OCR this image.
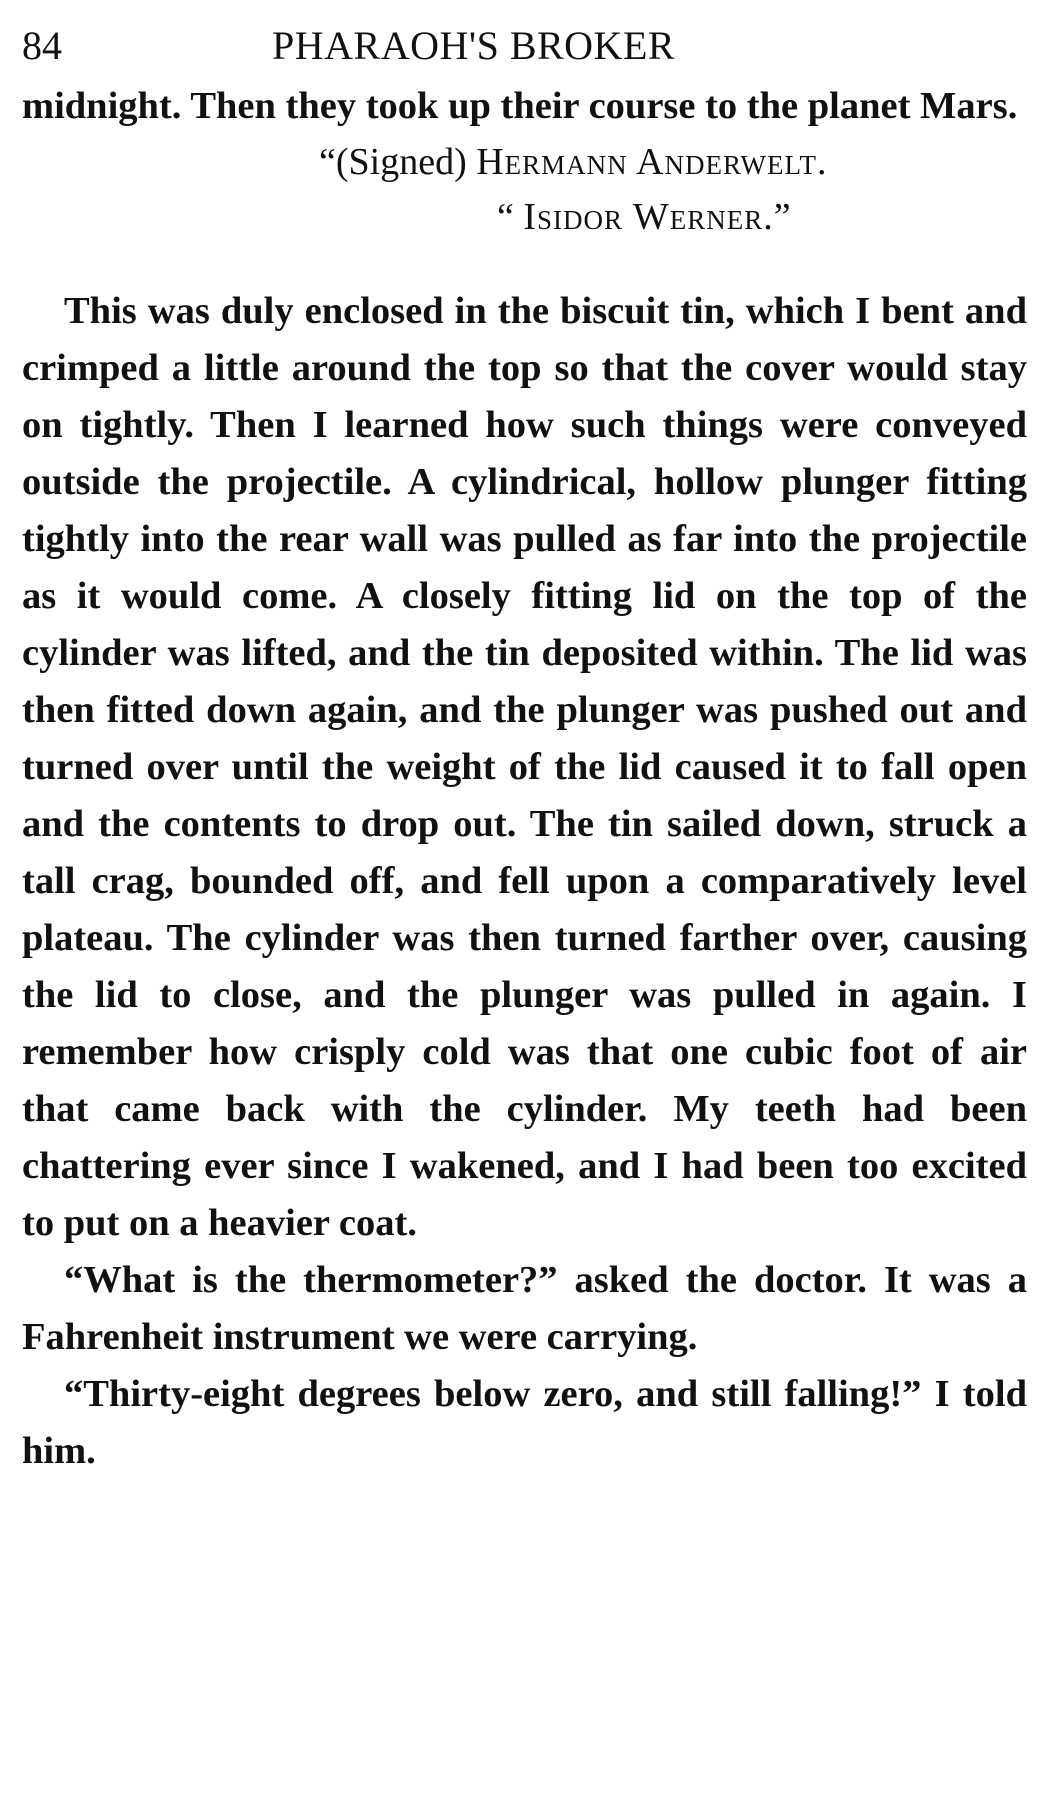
84	PHARAOH'S BROKER

midnight. Then they took up their course to the planet Mars.

“(Signed) Hermann Anderwelt.
“ Isidor Werner.”

This was duly enclosed in the biscuit tin, which I bent and crimped a little around the top so that the cover would stay on tightly. Then I learned how such things were conveyed outside the projectile. A cylindrical, hollow plunger fitting tightly into the rear wall was pulled as far into the projectile as it would come. A closely fitting lid on the top of the cylinder was lifted, and the tin deposited within. The lid was then fitted down again, and the plunger was pushed out and turned over until the weight of the lid caused it to fall open and the contents to drop out. The tin sailed down, struck a tall crag, bounded off, and fell upon a comparatively level plateau. The cylinder was then turned farther over, causing the lid to close, and the plunger was pulled in again. I remember how crisply cold was that one cubic foot of air that came back with the cylinder. My teeth had been chattering ever since I wakened, and I had been too excited to put on a heavier coat.

“What is the thermometer?” asked the doctor. It was a Fahrenheit instrument we were carrying.

“Thirty-eight degrees below zero, and still falling!” I told him.
